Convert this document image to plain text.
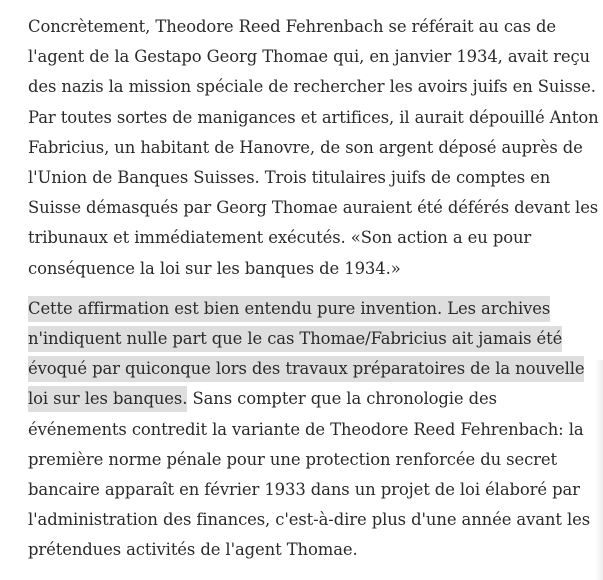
Concrètement, Theodore Reed Fehrenbach se référait au cas de l'agent de la Gestapo Georg Thomae qui, en janvier 1934, avait reçu des nazis la mission spéciale de rechercher les avoirs juifs en Suisse. Par toutes sortes de manigances et artifices, il aurait dépouillé Anton Fabricius, un habitant de Hanovre, de son argent déposé auprès de l'Union de Banques Suisses. Trois titulaires juifs de comptes en Suisse démasqués par Georg Thomae auraient été déférés devant les tribunaux et immédiatement exécutés. «Son action a eu pour conséquence la loi sur les banques de 1934.»

Cette affirmation est bien entendu pure invention. Les archives n'indiquent nulle part que le cas Thomae/Fabricius ait jamais été évoqué par quiconque lors des travaux préparatoires de la nouvelle loi sur les banques. Sans compter que la chronologie des événements contredit la variante de Theodore Reed Fehrenbach: la première norme pénale pour une protection renforcée du secret bancaire apparaît en février 1933 dans un projet de loi élaboré par l'administration des finances, c'est-à-dire plus d'une année avant les prétendues activités de l'agent Thomae.
